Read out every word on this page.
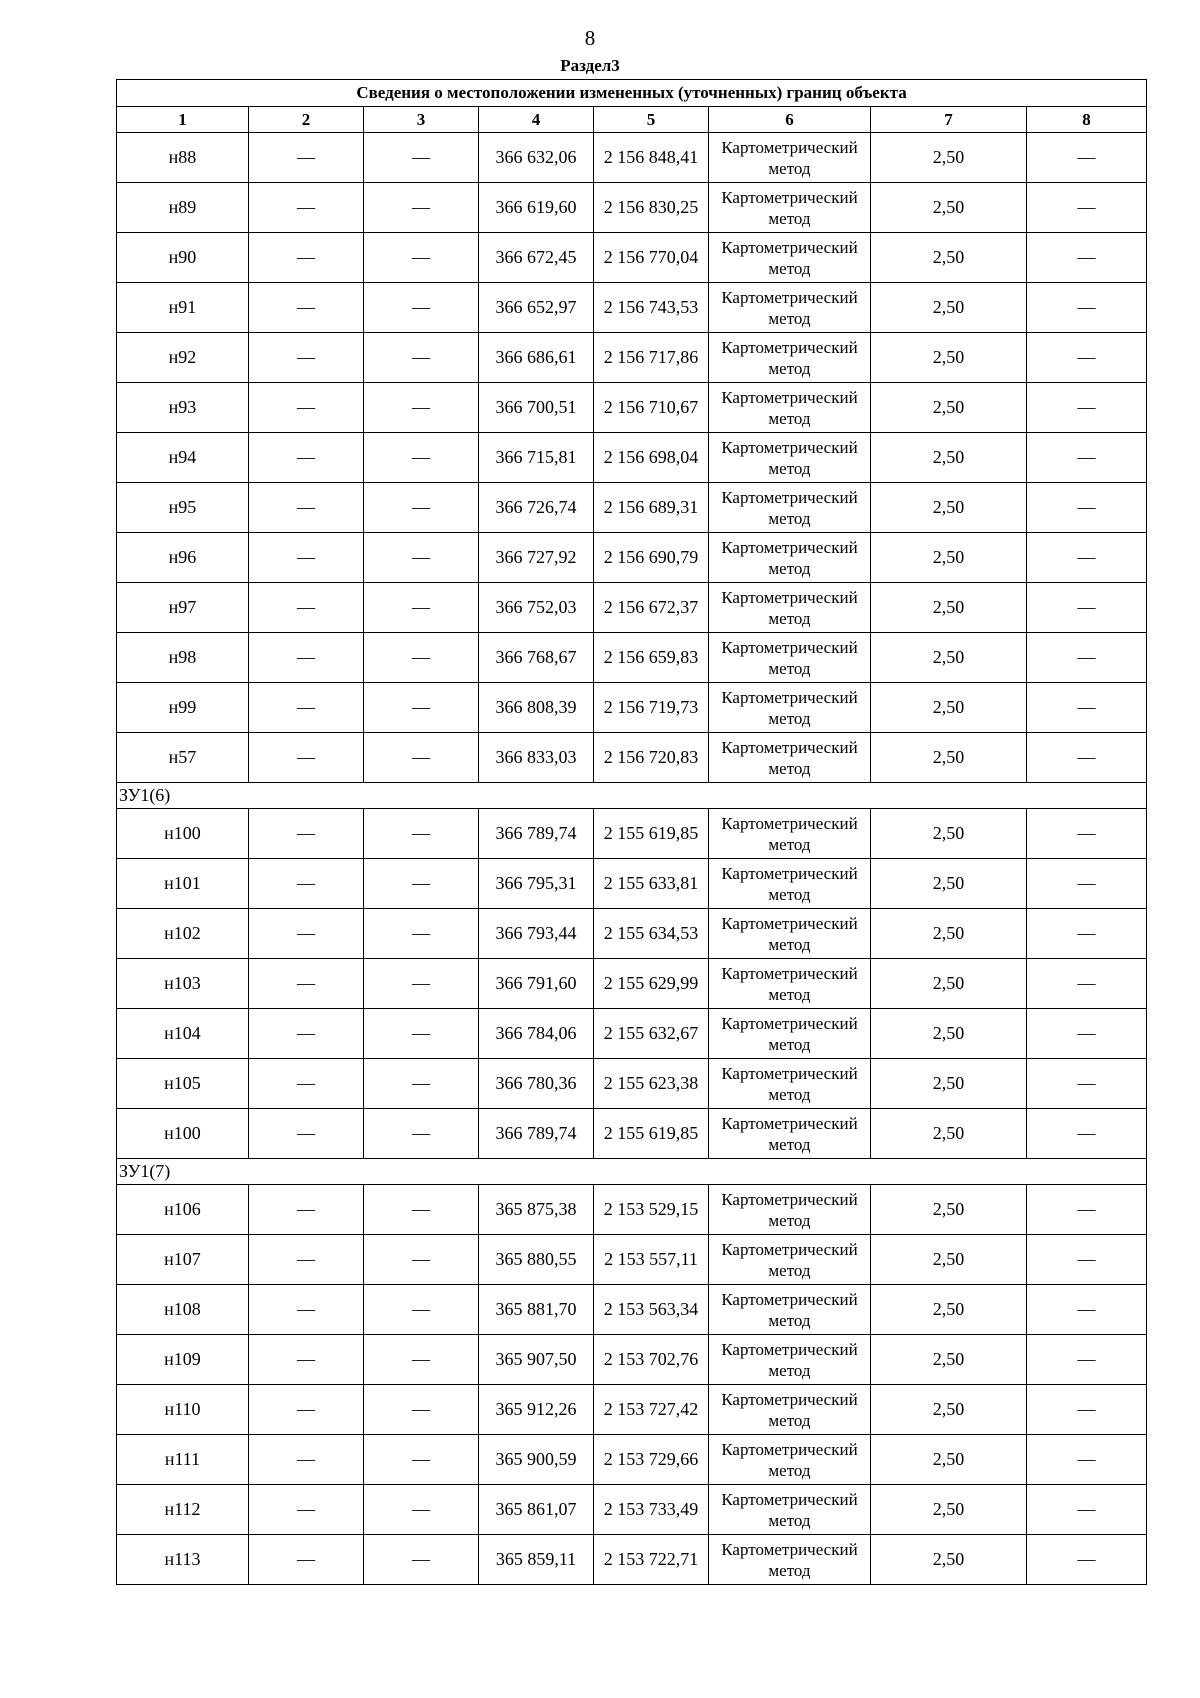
8
Раздел3
Сведения о местоположении измененных (уточненных) границ объекта							
1	2	3	4	5	6	7	8
н88	—	—	366 632,06	2 156 848,41	Картометрический метод	2,50	—
н89	—	—	366 619,60	2 156 830,25	Картометрический метод	2,50	—
н90	—	—	366 672,45	2 156 770,04	Картометрический метод	2,50	—
н91	—	—	366 652,97	2 156 743,53	Картометрический метод	2,50	—
н92	—	—	366 686,61	2 156 717,86	Картометрический метод	2,50	—
н93	—	—	366 700,51	2 156 710,67	Картометрический метод	2,50	—
н94	—	—	366 715,81	2 156 698,04	Картометрический метод	2,50	—
н95	—	—	366 726,74	2 156 689,31	Картометрический метод	2,50	—
н96	—	—	366 727,92	2 156 690,79	Картометрический метод	2,50	—
н97	—	—	366 752,03	2 156 672,37	Картометрический метод	2,50	—
н98	—	—	366 768,67	2 156 659,83	Картометрический метод	2,50	—
н99	—	—	366 808,39	2 156 719,73	Картометрический метод	2,50	—
н57	—	—	366 833,03	2 156 720,83	Картометрический метод	2,50	—
ЗУ1(6)							
н100	—	—	366 789,74	2 155 619,85	Картометрический метод	2,50	—
н101	—	—	366 795,31	2 155 633,81	Картометрический метод	2,50	—
н102	—	—	366 793,44	2 155 634,53	Картометрический метод	2,50	—
н103	—	—	366 791,60	2 155 629,99	Картометрический метод	2,50	—
н104	—	—	366 784,06	2 155 632,67	Картометрический метод	2,50	—
н105	—	—	366 780,36	2 155 623,38	Картометрический метод	2,50	—
н100	—	—	366 789,74	2 155 619,85	Картометрический метод	2,50	—
ЗУ1(7)							
н106	—	—	365 875,38	2 153 529,15	Картометрический метод	2,50	—
н107	—	—	365 880,55	2 153 557,11	Картометрический метод	2,50	—
н108	—	—	365 881,70	2 153 563,34	Картометрический метод	2,50	—
н109	—	—	365 907,50	2 153 702,76	Картометрический метод	2,50	—
н110	—	—	365 912,26	2 153 727,42	Картометрический метод	2,50	—
н111	—	—	365 900,59	2 153 729,66	Картометрический метод	2,50	—
н112	—	—	365 861,07	2 153 733,49	Картометрический метод	2,50	—
н113	—	—	365 859,11	2 153 722,71	Картометрический метод	2,50	—
